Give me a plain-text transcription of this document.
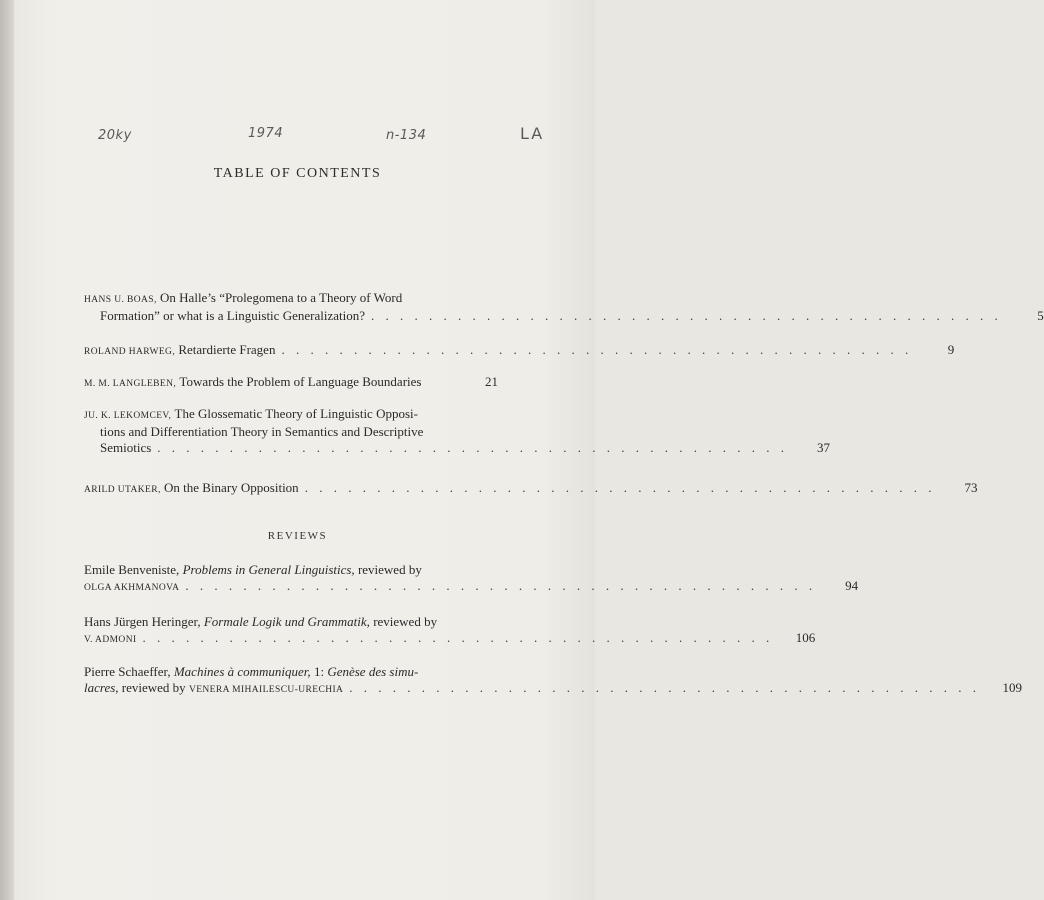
20ky	1974	n-134	LA
TABLE OF CONTENTS
HANS U. BOAS,
On Halle’s “Prolegomena to a Theory of Word
Formation” or what is a Linguistic Generalization? . . . . . . . . . . . . . . . . . . . . . . . . . . . . . . . . . . . . . . . . . . . .	5
ROLAND HARWEG,
Retardierte Fragen . . . . . . . . . . . . . . . . . . . . . . . . . . . . . . . . . . . . . . . . . . . .	9
M. M. LANGLEBEN,
Towards the Problem of Language Boundaries	21
JU. K. LEKOMCEV,
The Glossematic Theory of Linguistic Opposi-
tions and Differentiation Theory in Semantics and Descriptive
Semiotics . . . . . . . . . . . . . . . . . . . . . . . . . . . . . . . . . . . . . . . . . . . .	37
ARILD UTAKER,
On the Binary Opposition . . . . . . . . . . . . . . . . . . . . . . . . . . . . . . . . . . . . . . . . . . . .	73
REVIEWS
Emile Benveniste,
Problems in General Linguistics,
reviewed by
OLGA AKHMANOVA . . . . . . . . . . . . . . . . . . . . . . . . . . . . . . . . . . . . . . . . . . . .	94
Hans Jürgen Heringer,
Formale Logik und Grammatik,
reviewed by
V. ADMONI . . . . . . . . . . . . . . . . . . . . . . . . . . . . . . . . . . . . . . . . . . . .	106
Pierre Schaeffer,
Machines à communiquer,
1:
Genèse des simu-
lacres,
reviewed by
VENERA MIHAILESCU-URECHIA . . . . . . . . . . . . . . . . . . . . . . . . . . . . . . . . . . . . . . . . . . . .	109
